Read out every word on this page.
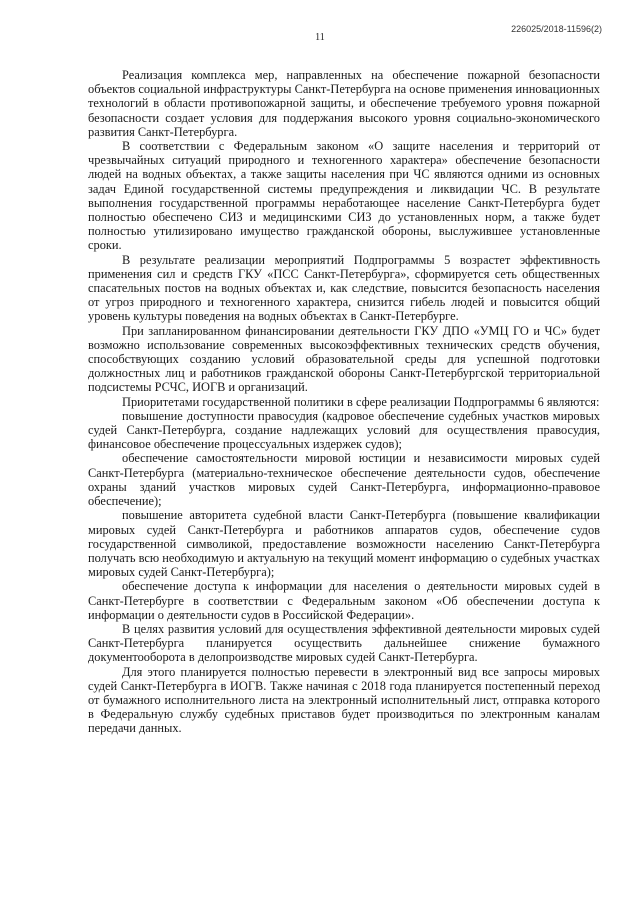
11
226025/2018-11596(2)

Реализация комплекса мер, направленных на обеспечение пожарной безопасности объектов социальной инфраструктуры Санкт-Петербурга на основе применения инновационных технологий в области противопожарной защиты, и обеспечение требуемого уровня пожарной безопасности создает условия для поддержания высокого уровня социально-экономического развития Санкт-Петербурга.

В соответствии с Федеральным законом «О защите населения и территорий от чрезвычайных ситуаций природного и техногенного характера» обеспечение безопасности людей на водных объектах, а также защиты населения при ЧС являются одними из основных задач Единой государственной системы предупреждения и ликвидации ЧС. В результате выполнения государственной программы неработающее население Санкт-Петербурга будет полностью обеспечено СИЗ и медицинскими СИЗ до установленных норм, а также будет полностью утилизировано имущество гражданской обороны, выслужившее установленные сроки.

В результате реализации мероприятий Подпрограммы 5 возрастет эффективность применения сил и средств ГКУ «ПСС Санкт-Петербурга», сформируется сеть общественных спасательных постов на водных объектах и, как следствие, повысится безопасность населения от угроз природного и техногенного характера, снизится гибель людей и повысится общий уровень культуры поведения на водных объектах в Санкт-Петербурге.

При запланированном финансировании деятельности ГКУ ДПО «УМЦ ГО и ЧС» будет возможно использование современных высокоэффективных технических средств обучения, способствующих созданию условий образовательной среды для успешной подготовки должностных лиц и работников гражданской обороны Санкт-Петербургской территориальной подсистемы РСЧС, ИОГВ и организаций.

Приоритетами государственной политики в сфере реализации Подпрограммы 6 являются:

повышение доступности правосудия (кадровое обеспечение судебных участков мировых судей Санкт-Петербурга, создание надлежащих условий для осуществления правосудия, финансовое обеспечение процессуальных издержек судов);

обеспечение самостоятельности мировой юстиции и независимости мировых судей Санкт-Петербурга (материально-техническое обеспечение деятельности судов, обеспечение охраны зданий участков мировых судей Санкт-Петербурга, информационно-правовое обеспечение);

повышение авторитета судебной власти Санкт-Петербурга (повышение квалификации мировых судей Санкт-Петербурга и работников аппаратов судов, обеспечение судов государственной символикой, предоставление возможности населению Санкт-Петербурга получать всю необходимую и актуальную на текущий момент информацию о судебных участках мировых судей Санкт-Петербурга);

обеспечение доступа к информации для населения о деятельности мировых судей в Санкт-Петербурге в соответствии с Федеральным законом «Об обеспечении доступа к информации о деятельности судов в Российской Федерации».

В целях развития условий для осуществления эффективной деятельности мировых судей Санкт-Петербурга планируется осуществить дальнейшее снижение бумажного документооборота в делопроизводстве мировых судей Санкт-Петербурга.

Для этого планируется полностью перевести в электронный вид все запросы мировых судей Санкт-Петербурга в ИОГВ. Также начиная с 2018 года планируется постепенный переход от бумажного исполнительного листа на электронный исполнительный лист, отправка которого в Федеральную службу судебных приставов будет производиться по электронным каналам передачи данных.
